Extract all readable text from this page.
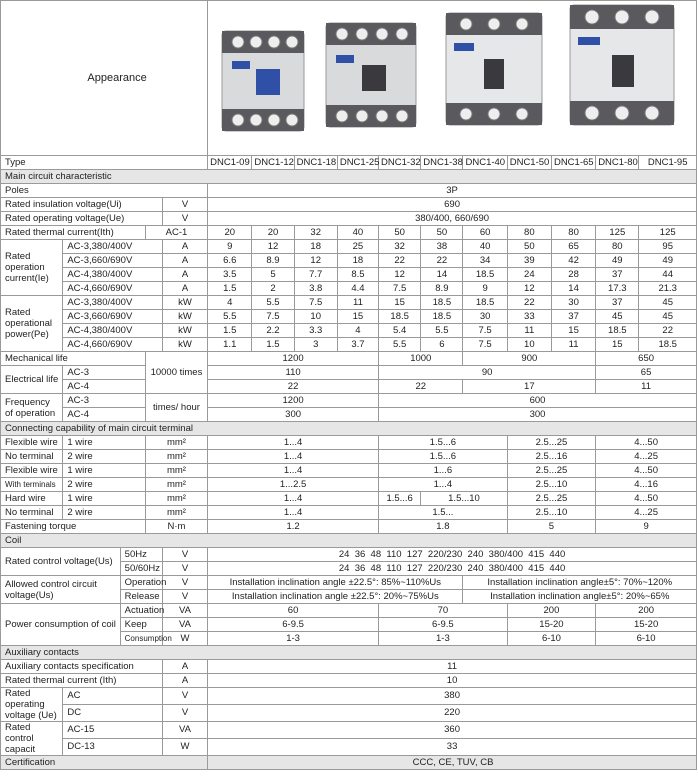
Appearance	
Type					DNC1-09	DNC1-12	DNC1-18	DNC1-25	DNC1-32	DNC1-38	DNC1-40	DNC1-50	DNC1-65	DNC1-80	DNC1-95
Main circuit characteristic															
Poles					3P										
Rated insulation voltage(Ui)				V	690										
Rated operating voltage(Ue)				V	380/400, 660/690										
Rated thermal current(Ith)			AC-1		20	20	32	40	50	50	60	80	80	125	125
Rated operation current(Ie)	AC-3,380/400V			A	9	12	18	25	32	38	40	50	65	80	95
	AC-3,660/690V			A	6.6	8.9	12	18	22	22	34	39	42	49	49
	AC-4,380/400V			A	3.5	5	7.7	8.5	12	14	18.5	24	28	37	44
	AC-4,660/690V			A	1.5	2	3.8	4.4	7.5	8.9	9	12	14	17.3	21.3
Rated operational power(Pe)	AC-3,380/400V			kW	4	5.5	7.5	11	15	18.5	18.5	22	30	37	45
	AC-3,660/690V			kW	5.5	7.5	10	15	18.5	18.5	30	33	37	45	45
	AC-4,380/400V			kW	1.5	2.2	3.3	4	5.4	5.5	7.5	11	15	18.5	22
	AC-4,660/690V			kW	1.1	1.5	3	3.7	5.5	6	7.5	10	11	15	18.5
Mechanical life			10000 times		1200				1000		900			650	
Electrical life	AC-3				110				90					65	
	AC-4				22				22		17			11	
Frequency of operation	AC-3		times/ hour		1200				600						
	AC-4				300				300						
Connecting capability of main circuit terminal															
Flexible wire	1 wire		mm²		1...4				1.5...6			2.5...25		4...50	
No terminal	2 wire		mm²		1...4				1.5...6			2.5...16		4...25	
Flexible wire	1 wire		mm²		1...4				1...6			2.5...25		4...50	
With terminals	2 wire		mm²		1...2.5				1...4			2.5...10		4...16	
Hard wire	1 wire		mm²		1...4				1.5...6	1.5...10		2.5...25		4...50	
No terminal	2 wire		mm²		1...4				1.5...			2.5...10		4...25	
Fastening torque			N·m		1.2				1.8			5		9	
Coil															
Rated control voltage(Us)		50Hz		V	24  36  48  110  127  220/230  240  380/400  415  440										
		50/60Hz		V	24  36  48  110  127  220/230  240  380/400  415  440										
Allowed control circuit voltage(Us)		Operation		V	Installation inclination angle ±22.5°: 85%~110%Us						Installation inclination angle±5°: 70%~120%				
		Release		V	Installation inclination angle ±22.5°: 20%~75%Us						Installation inclination angle±5°: 20%~65%				
Power consumption of coil		Actuation		VA	60				70			200		200	
		Keep		VA	6-9.5				6-9.5			15-20		15-20	
		Consumption		W	1-3				1-3			6-10		6-10	
Auxiliary contacts															
Auxiliary contacts specification				A	11										
Rated thermal current (Ith)				A	10										
Rated operating voltage (Ue)	AC			V	380										
	DC			V	220										
Rated control capacit	AC-15			VA	360										
	DC-13			W	33										
Certification					CCC, CE, TUV, CB										
